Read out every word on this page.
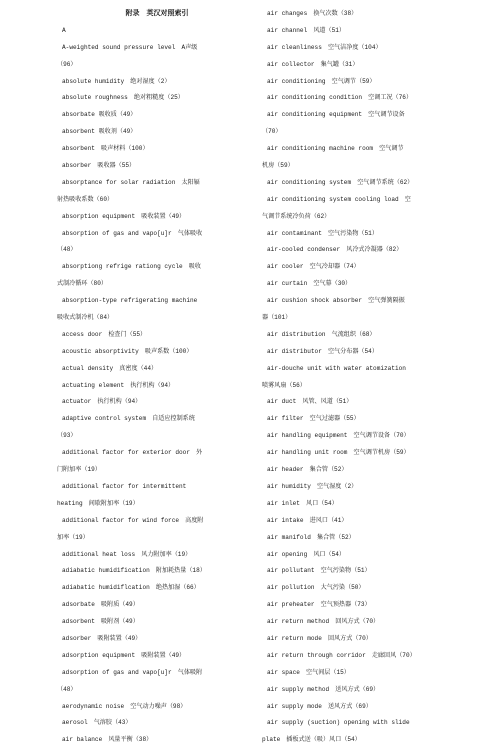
附录　英汉对照索引
A
A-weighted sound pressure level　A声级
（96）
absolute humidity　绝对湿度（2）
absolute roughness　绝对粗糙度（25）
absorbate 吸收质（49）
absorbent 吸收剂（49）
absorbent　吸声材料（100）
absorber　吸收器（55）
absorptance for solar radiation　太阳辐
射热吸收系数（60）
absorption equipment　吸收装置（49）
absorption of gas and vapo[u]r　气体吸收
（48）
absorptiong refrige rationg cycle　吸收
式制冷循环（80）
absorption-type refrigerating machine
吸收式制冷机（84）
access door　检查门（55）
acoustic absorptivity　吸声系数（100）
actual density　真密度（44）
actuating element　执行机构（94）
actuator　执行机构（94）
adaptive control system　自适应控制系统
（93）
additional factor for exterior door　外
门附加率（19）
additional factor for intermittent
heating　间歇附加率（19）
additional factor for wind force　高度附
加率（19）
additional heat loss　风力附加率（19）
adiabatic humidification　附加耗热量（18）
adiabatic humidiflcation　绝热加湿（66）
adsorbate　吸附质（49）
adsorbent　吸附剂（49）
adsorber　吸附装置（49）
adsorption equipment　吸附装置（49）
adsorption of gas and vapo[u]r　气体吸附
（48）
aerodynamic noise　空气动力噪声（98）
aerosol　气溶胶（43）
air balance　风量平衡（38）
air changes　换气次数（38）
air channel　风道（51）
air cleanliness　空气洁净度（104）
air collector　集气罐（31）
air conditioning　空气调节（59）
air conditioning condition　空调工况（76）
air conditioning equipment　空气调节设备
（70）
air conditioning machine room　空气调节
机房（59）
air conditioning system　空气调节系统（62）
air conditioning system cooling load　空
气调节系统冷负荷（62）
air contaminant　空气污染物（51）
air-cooled condenser　风冷式冷凝器（82）
air cooler　空气冷却器（74）
air curtain　空气幕（30）
air cushion shock absorber　空气弹簧隔振
器（101）
air distribution　气流组织（68）
air distributor　空气分布器（54）
air-douche unit with water atomization
喷雾风扇（56）
air duct　风管、风道（51）
air filter　空气过滤器（55）
air handling equipment　空气调节设备（70）
air handling unit room　空气调节机房（59）
air header　集合管（52）
air humidity　空气湿度（2）
air inlet　风口（54）
air intake　进风口（41）
air manifold　集合管（52）
air opening　风口（54）
air pollutant　空气污染物（51）
air pollution　大气污染（50）
air preheater　空气预热器（73）
air return method　回风方式（70）
air return mode　回风方式（70）
air return through corridor　走廊回风（70）
air space　空气间层（15）
air supply method　送风方式（69）
air supply mode　送风方式（69）
air supply (suction) opening with slide
plate　插板式送（吸）风口（54）
